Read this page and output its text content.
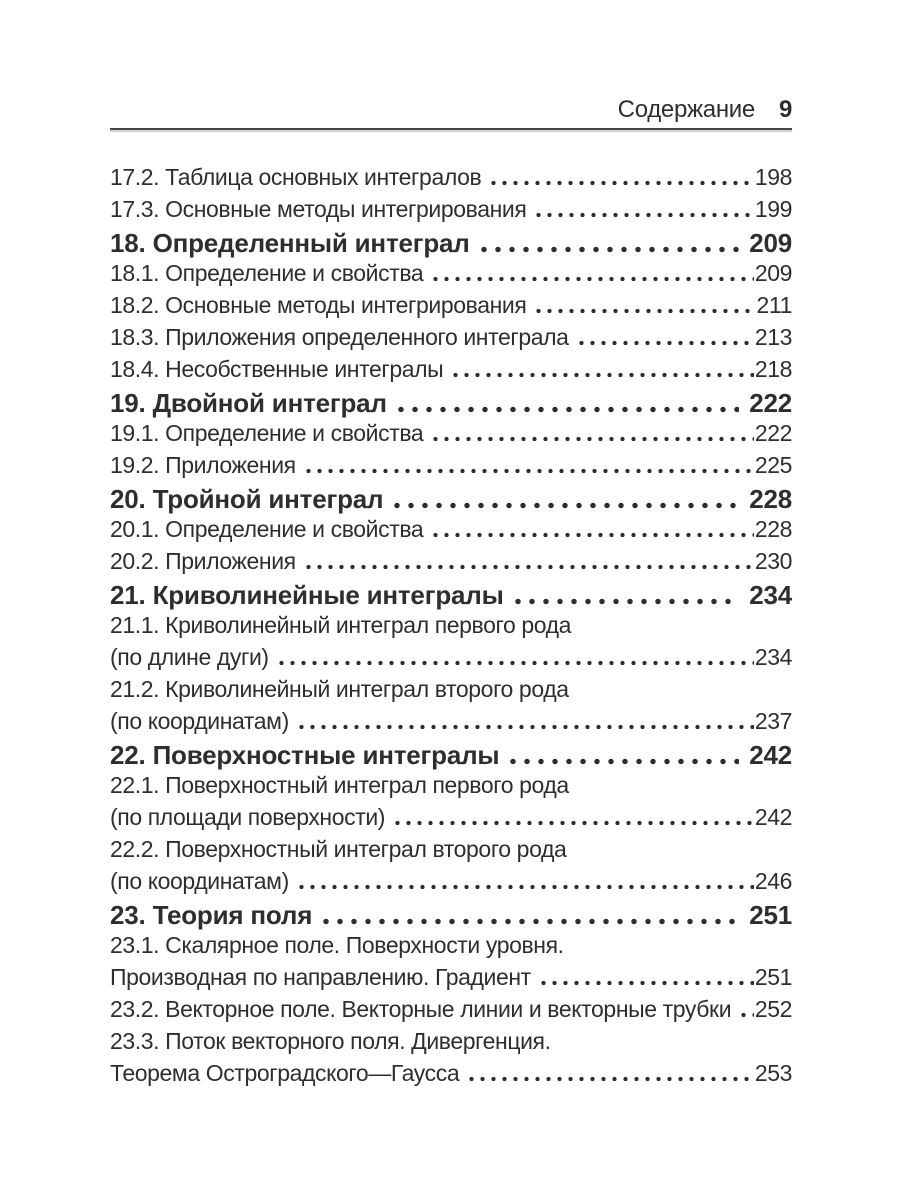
Содержание 9
17.2. Таблица основных интегралов	198
17.3. Основные методы интегрирования	199
18. Определенный интеграл	209
18.1. Определение и свойства	209
18.2. Основные методы интегрирования	211
18.3. Приложения определенного интеграла	213
18.4. Несобственные интегралы	218
19. Двойной интеграл	222
19.1. Определение и свойства	222
19.2. Приложения	225
20. Тройной интеграл	228
20.1. Определение и свойства	228
20.2. Приложения	230
21. Криволинейные интегралы	234
21.1. Криволинейный интеграл первого рода
(по длине дуги)	234
21.2. Криволинейный интеграл второго рода
(по координатам)	237
22. Поверхностные интегралы	242
22.1. Поверхностный интеграл первого рода
(по площади поверхности)	242
22.2. Поверхностный интеграл второго рода
(по координатам)	246
23. Теория поля	251
23.1. Скалярное поле. Поверхности уровня.
Производная по направлению. Градиент	251
23.2. Векторное поле. Векторные линии и векторные трубки 252
23.3. Поток векторного поля. Дивергенция.
Теорема Остроградского—Гаусса	253
